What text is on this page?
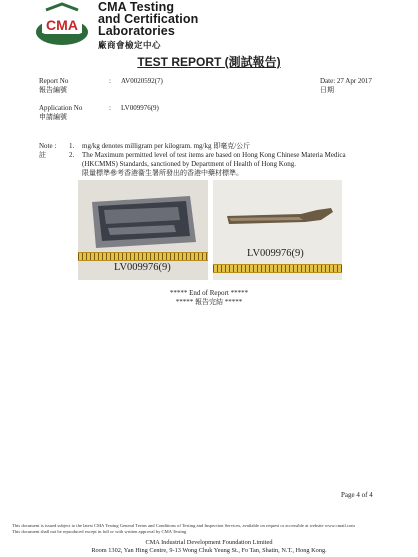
CMA
CMA Testing
and Certification
Laboratories
廠商會檢定中心
TEST REPORT (測試報告)
Report No
報告編號
: AV0020592(7)	Date: 27 Apr 2017
日期
Application No
申請編號
: LV009976(9)
Note :
註
1. mg/kg denotes milligram per kilogram. mg/kg 即毫克/公斤
2. The Maximum permitted level of test items are based on Hong Kong Chinese Materia Medica
(HKCMMS) Standards, sanctioned by Department of Health of Hong Kong.
限量標準參考香港衞生署所發出的香港中藥材標準。
LV009976(9)
LV009976(9)
***** End of Report *****
***** 報告完結 *****
Page 4 of 4
This document is issued subject to the latest CMA Testing General Terms and Conditions of Testing and Inspection Services, available on request or accessible at website www.cmatl.com
This document shall not be reproduced except in full or with written approval by CMA Testing
CMA Industrial Development Foundation Limited
Room 1302, Yan Hing Centre, 9-13 Wong Chuk Yeung St., Fo Tan, Shatin, N.T., Hong Kong.
